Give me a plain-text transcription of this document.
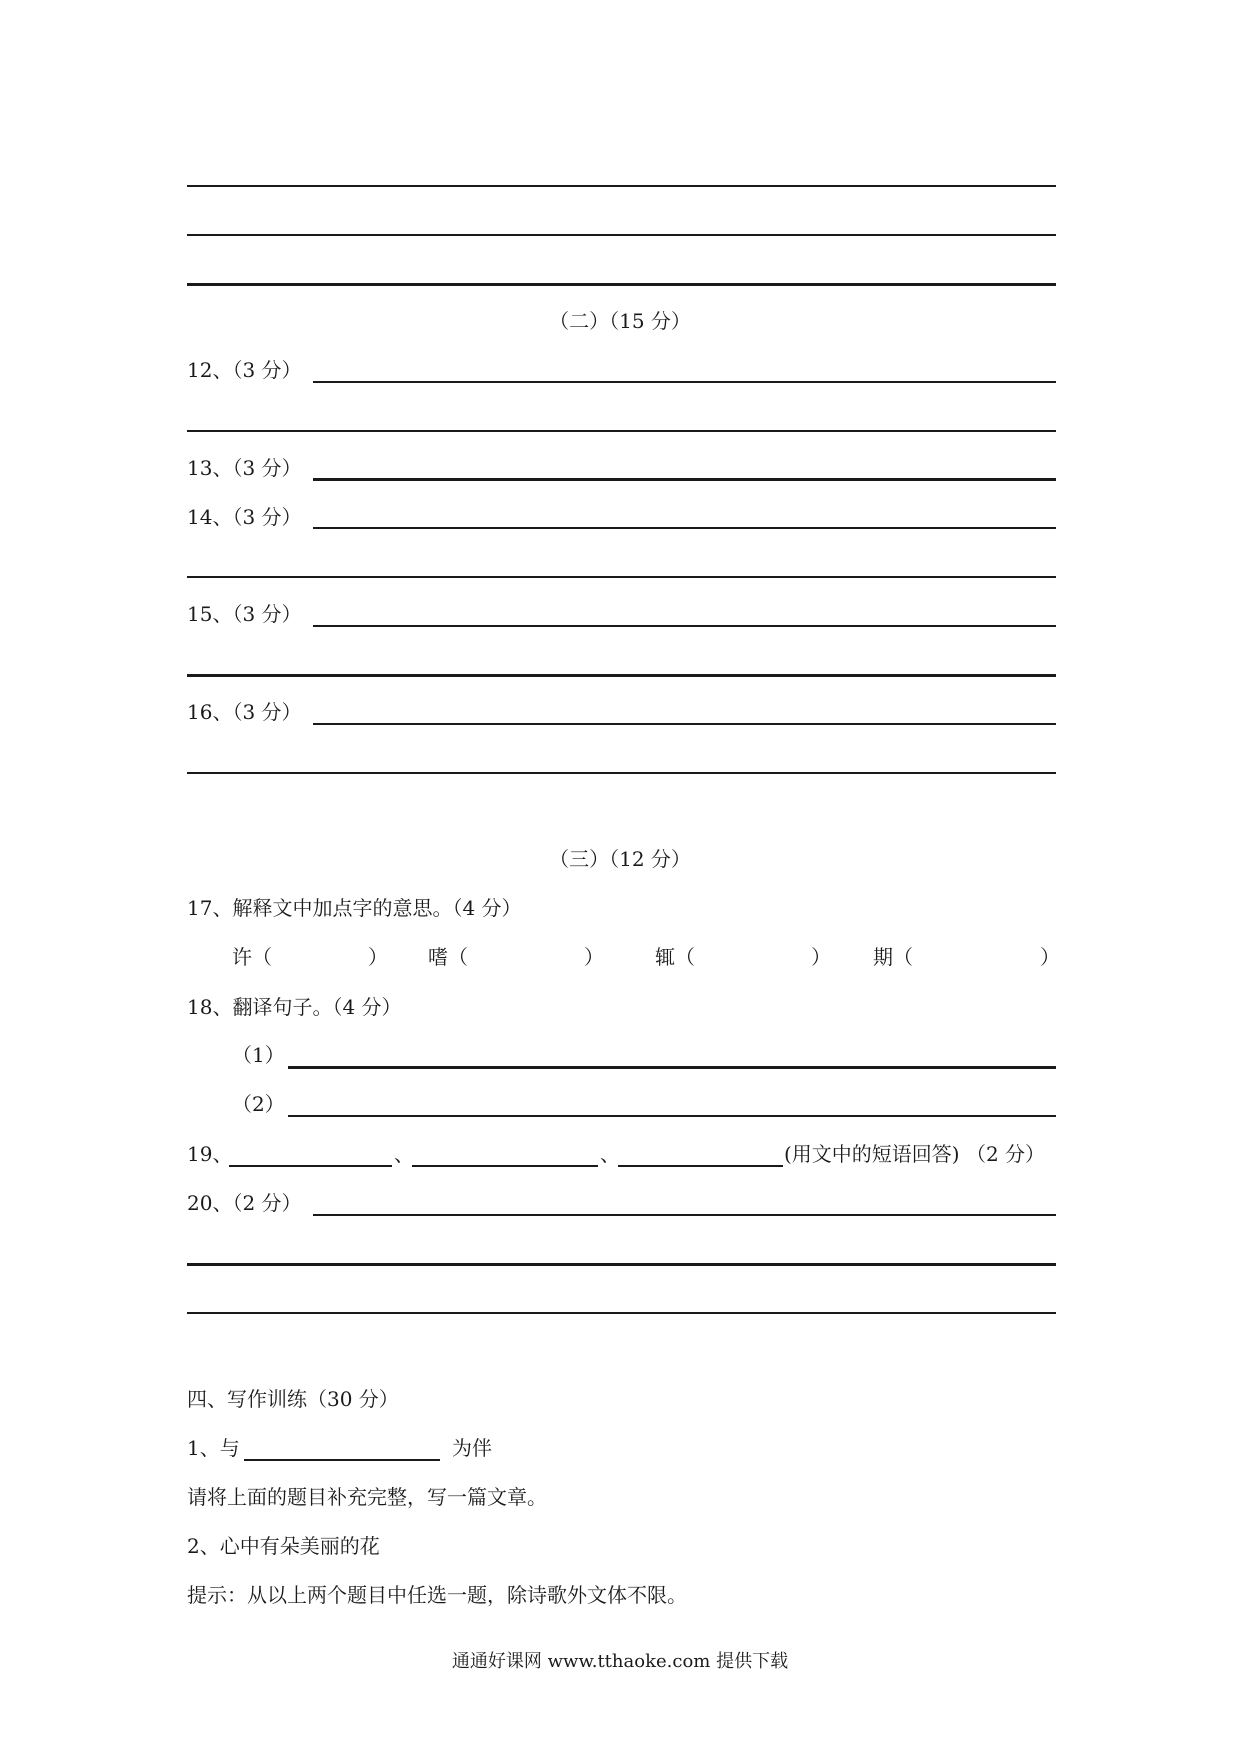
（二）（15 分）
12、（3 分）
13、（3 分）
14、（3 分）
15、（3 分）
16、（3 分）
（三）（12 分）
17、解释文中加点字的意思。（4 分）
许 （	） 嗜 （	）	辄 （	） 期 （	）
18、翻译句子。（4 分）
（1）
（2）
19、	、	、	(用文中的短语回答) （2 分）
20、（2 分）
四、写作训练（30 分）
1、与	为伴
请将上面的题目补充完整，写一篇文章。
2、心中有朵美丽的花
提示：从以上两个题目中任选一题，除诗歌外文体不限。
通通好课网 www.tthaoke.com 提供下载
